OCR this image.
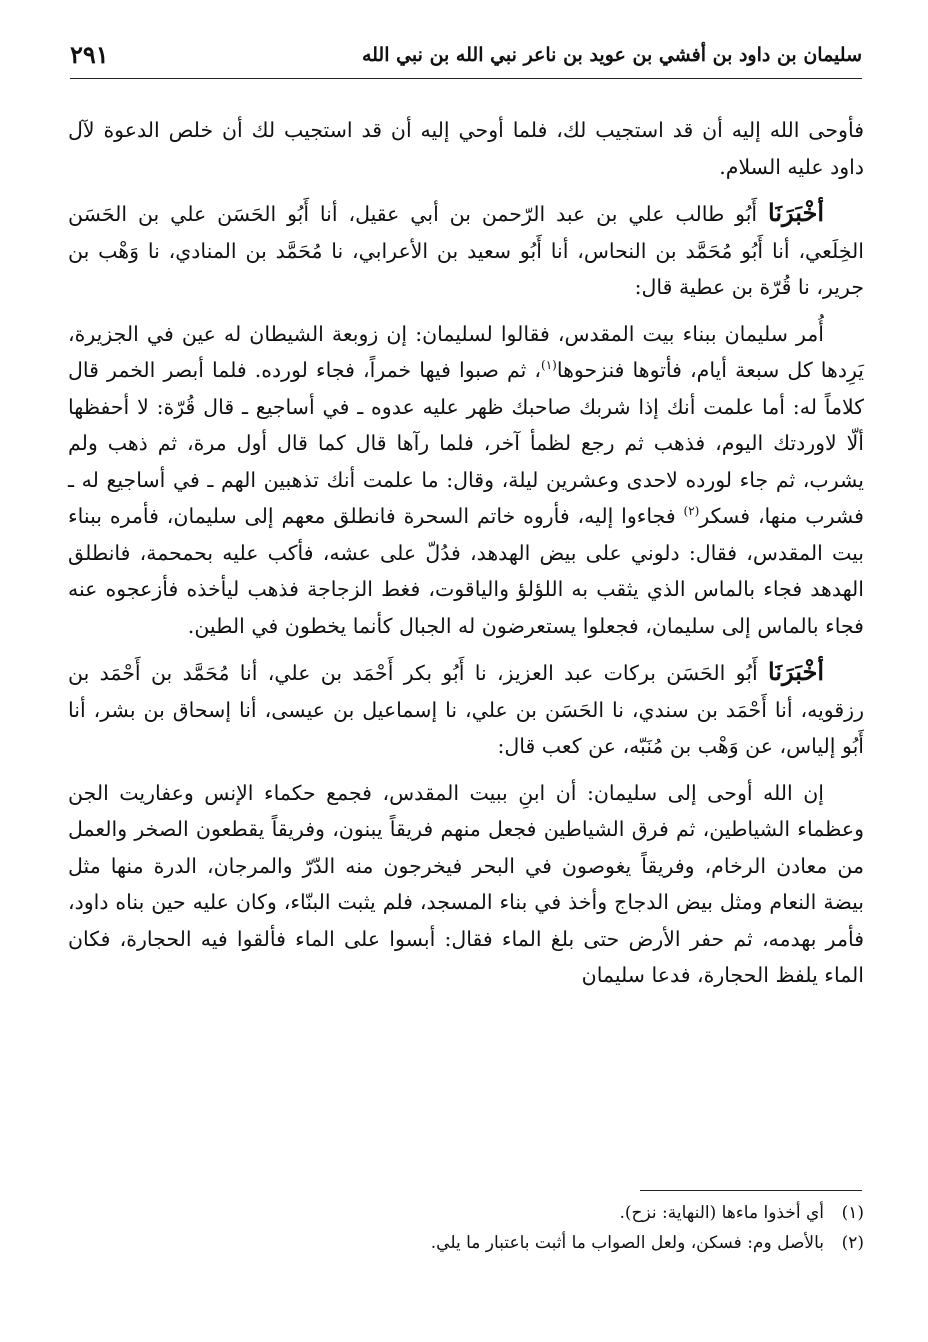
سليمان بن داود بن أفشي بن عويد بن ناعر نبي الله بن نبي الله
٢٩١

فأوحى الله إليه أن قد استجيب لك، فلما أوحي إليه أن قد استجيب لك أن خلص الدعوة لآل داود عليه السلام.

أخْبَرَنَا أَبُو طالب علي بن عبد الرّحمن بن أبي عقيل، أنا أَبُو الحَسَن علي بن الحَسَن الخِلَعي، أنا أَبُو مُحَمَّد بن النحاس، أنا أَبُو سعيد بن الأعرابي، نا مُحَمَّد بن المنادي، نا وَهْب بن جرير، نا قُرّة بن عطية قال:

أُمر سليمان ببناء بيت المقدس، فقالوا لسليمان: إن زوبعة الشيطان له عين في الجزيرة، يَرِدها كل سبعة أيام، فأتوها فنزحوها$^{(١)}$، ثم صبوا فيها خمراً، فجاء لورده. فلما أبصر الخمر قال كلاماً له: أما علمت أنك إذا شربك صاحبك ظهر عليه عدوه ـ في أساجيع ـ قال قُرّة: لا أحفظها ألّا لاوردتك اليوم، فذهب ثم رجع لظمأ آخر، فلما رآها قال كما قال أول مرة، ثم ذهب ولم يشرب، ثم جاء لورده لاحدى وعشرين ليلة، وقال: ما علمت أنك تذهبين الهم ـ في أساجيع له ـ فشرب منها، فسكر$^{(٢)}$ فجاءوا إليه، فأروه خاتم السحرة فانطلق معهم إلى سليمان، فأمره ببناء بيت المقدس، فقال: دلوني على بيض الهدهد، فدُلّ على عشه، فأكب عليه بحمحمة، فانطلق الهدهد فجاء بالماس الذي يثقب به اللؤلؤ والياقوت، فغط الزجاجة فذهب ليأخذه فأزعجوه عنه فجاء بالماس إلى سليمان، فجعلوا يستعرضون له الجبال كأنما يخطون في الطين.

أخْبَرَنَا أَبُو الحَسَن بركات عبد العزيز، نا أَبُو بكر أَحْمَد بن علي، أنا مُحَمَّد بن أَحْمَد بن رزقويه، أنا أَحْمَد بن سندي، نا الحَسَن بن علي، نا إسماعيل بن عيسى، أنا إسحاق بن بشر، أنا أَبُو إلياس، عن وَهْب بن مُنَبّه، عن كعب قال:

إن الله أوحى إلى سليمان: أن ابنِ ببيت المقدس، فجمع حكماء الإنس وعفاريت الجن وعظماء الشياطين، ثم فرق الشياطين فجعل منهم فريقاً يبنون، وفريقاً يقطعون الصخر والعمل من معادن الرخام، وفريقاً يغوصون في البحر فيخرجون منه الدّرّ والمرجان، الدرة منها مثل بيضة النعام ومثل بيض الدجاج وأخذ في بناء المسجد، فلم يثبت البنّاء، وكان عليه حين بناه داود، فأمر بهدمه، ثم حفر الأرض حتى بلغ الماء فقال: أبسوا على الماء فألقوا فيه الحجارة، فكان الماء يلفظ الحجارة، فدعا سليمان

(١)أي أخذوا ماءها (النهاية: نزح).

(٢)بالأصل وم: فسكن، ولعل الصواب ما أثبت باعتبار ما يلي.
